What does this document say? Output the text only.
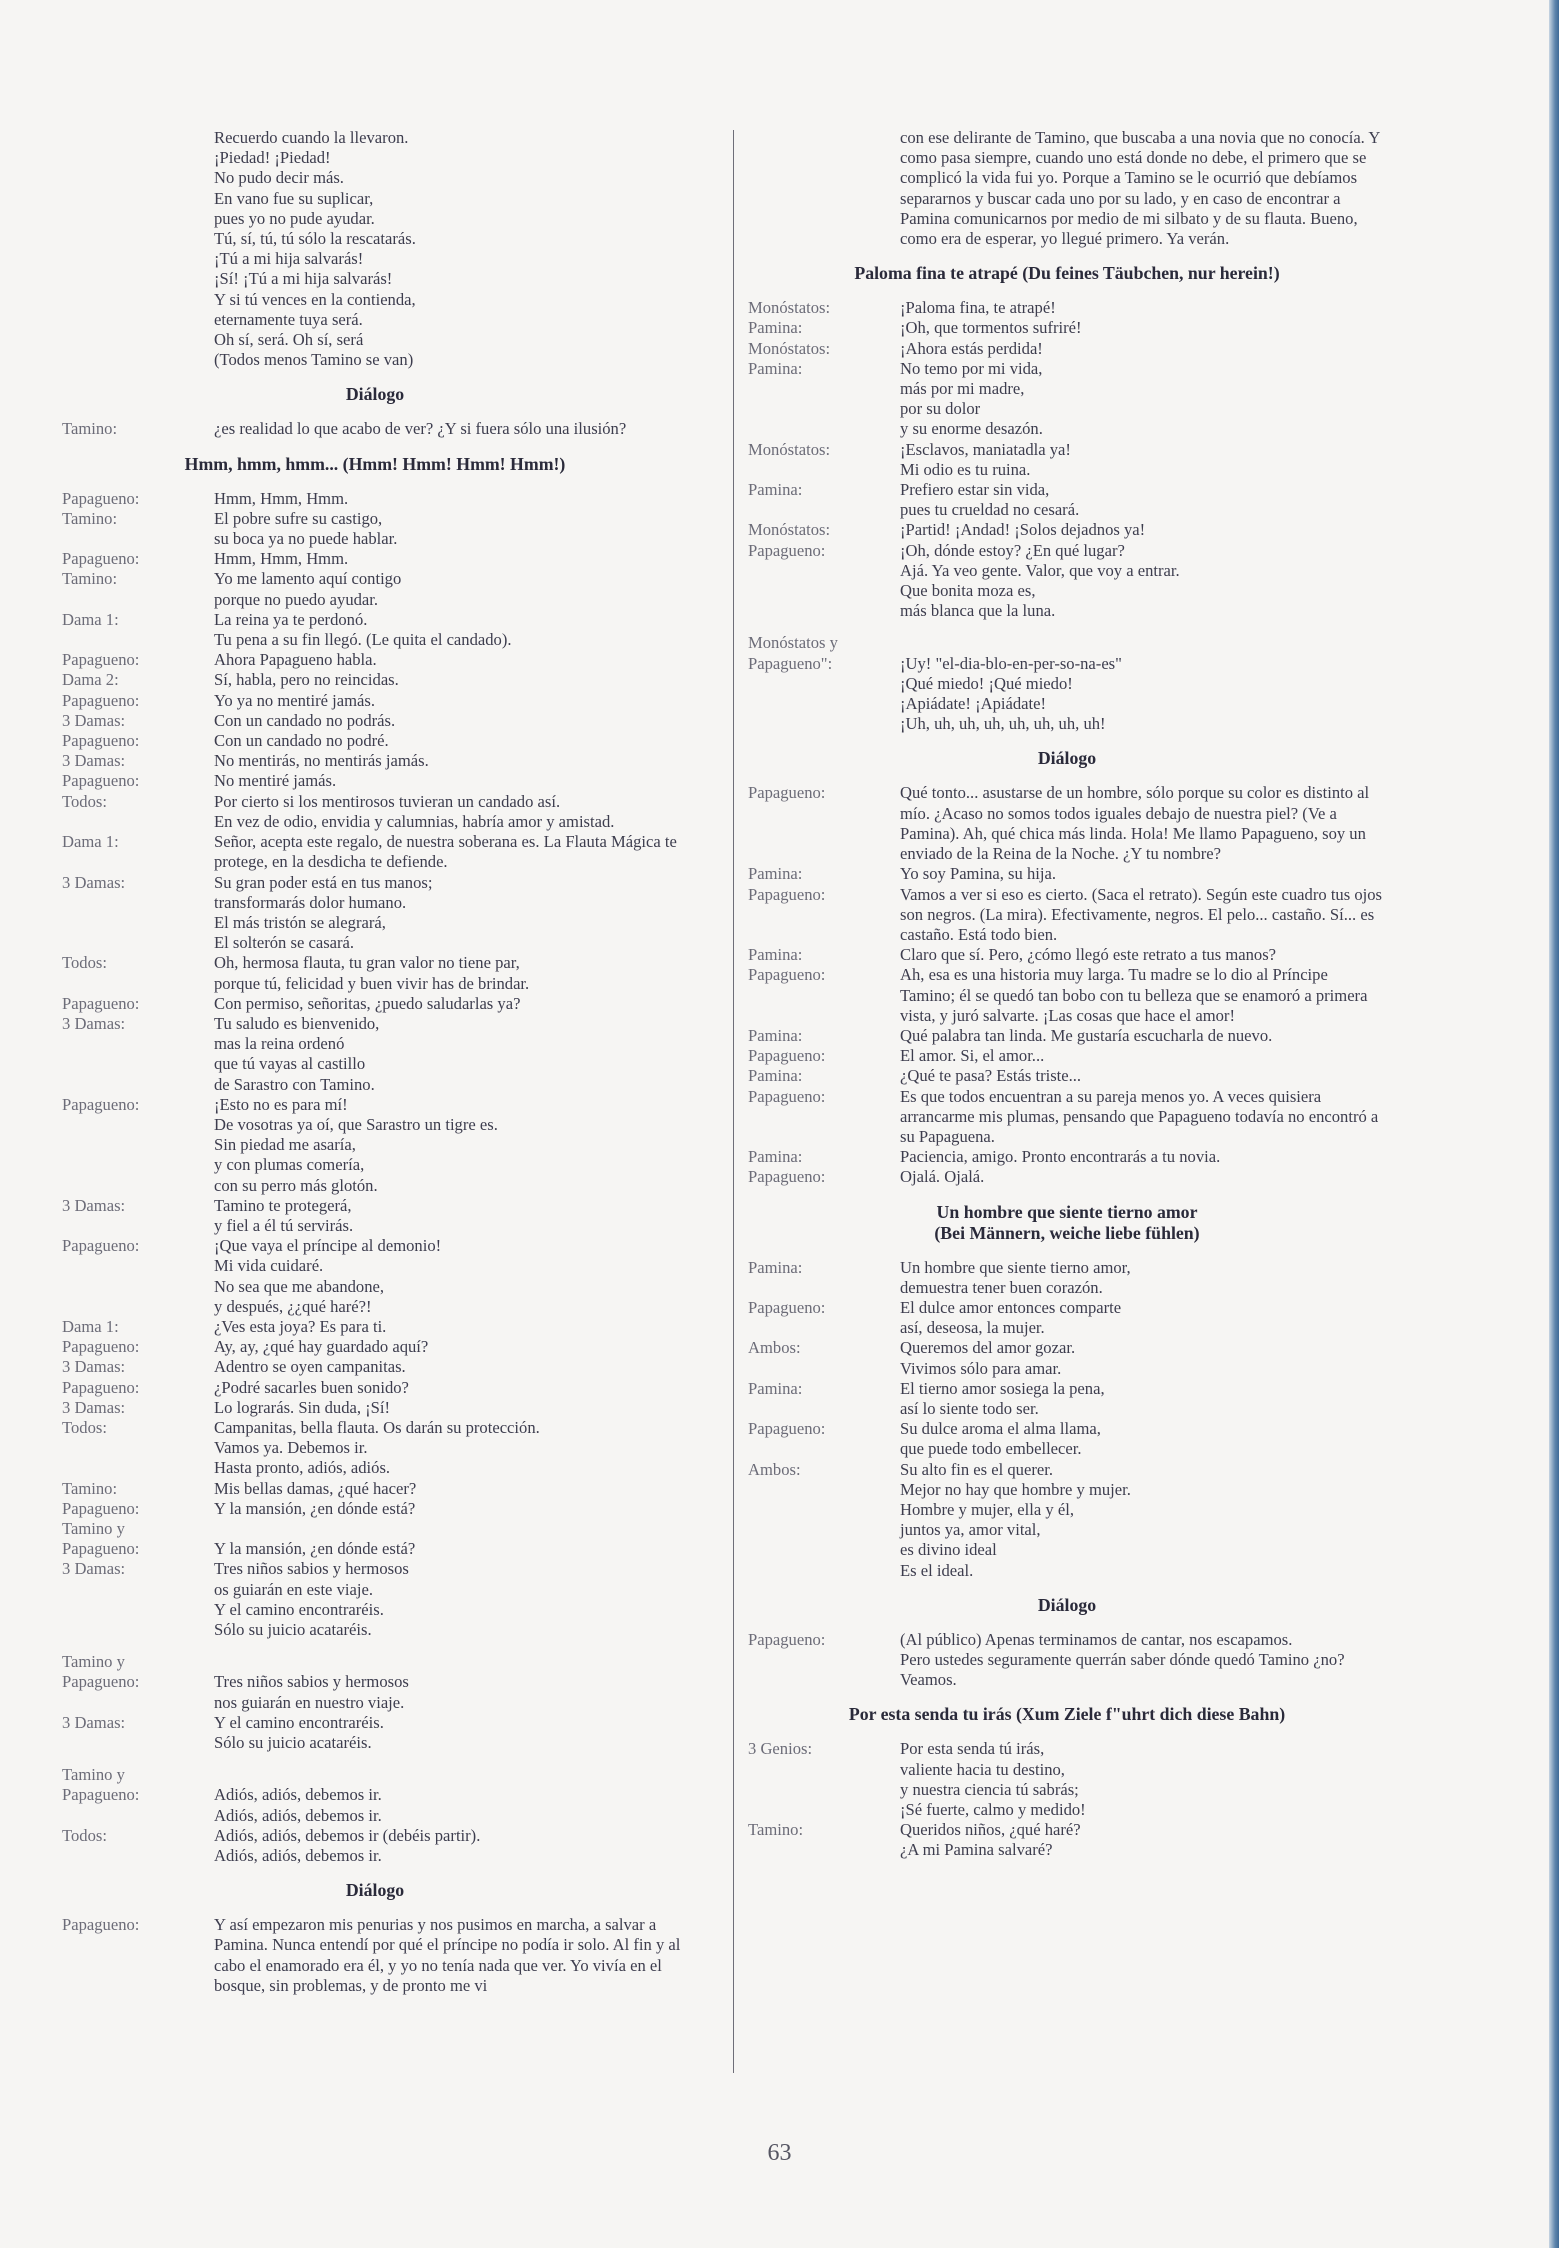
Recuerdo cuando la llevaron.
¡Piedad! ¡Piedad!
No pudo decir más.
En vano fue su suplicar,
pues yo no pude ayudar.
Tú, sí, tú, tú sólo la rescatarás.
¡Tú a mi hija salvarás!
¡Sí! ¡Tú a mi hija salvarás!
Y si tú vences en la contienda,
eternamente tuya será.
Oh sí, será. Oh sí, será
(Todos menos Tamino se van)
Diálogo
Tamino:	¿es realidad lo que acabo de ver? ¿Y si fuera sólo una ilusión?
Hmm, hmm, hmm... (Hmm! Hmm! Hmm! Hmm!)
Papagueno:	Hmm, Hmm, Hmm.
Tamino:	El pobre sufre su castigo,
su boca ya no puede hablar.
Papagueno:	Hmm, Hmm, Hmm.
Tamino:	Yo me lamento aquí contigo
porque no puedo ayudar.
Dama 1:	La reina ya te perdonó.
Tu pena a su fin llegó. (Le quita el candado).
Papagueno:	Ahora Papagueno habla.
Dama 2:	Sí, habla, pero no reincidas.
Papagueno:	Yo ya no mentiré jamás.
3 Damas:	Con un candado no podrás.
Papagueno:	Con un candado no podré.
3 Damas:	No mentirás, no mentirás jamás.
Papagueno:	No mentiré jamás.
Todos:	Por cierto si los mentirosos tuvieran un candado así.
En vez de odio, envidia y calumnias, habría amor y amistad.
Dama 1:	Señor, acepta este regalo, de nuestra soberana es. La Flauta Mágica te protege, en la desdicha te defiende.
3 Damas:	Su gran poder está en tus manos;
transformarás dolor humano.
El más tristón se alegrará,
El solterón se casará.
Todos:	Oh, hermosa flauta, tu gran valor no tiene par,
porque tú, felicidad y buen vivir has de brindar.
Papagueno:	Con permiso, señoritas, ¿puedo saludarlas ya?
3 Damas:	Tu saludo es bienvenido,
mas la reina ordenó
que tú vayas al castillo
de Sarastro con Tamino.
Papagueno:	¡Esto no es para mí!
De vosotras ya oí, que Sarastro un tigre es.
Sin piedad me asaría,
y con plumas comería,
con su perro más glotón.
3 Damas:	Tamino te protegerá,
y fiel a él tú servirás.
Papagueno:	¡Que vaya el príncipe al demonio!
Mi vida cuidaré.
No sea que me abandone,
y después, ¿¿qué haré?!
Dama 1:	¿Ves esta joya? Es para ti.
Papagueno:	Ay, ay, ¿qué hay guardado aquí?
3 Damas:	Adentro se oyen campanitas.
Papagueno:	¿Podré sacarles buen sonido?
3 Damas:	Lo lograrás. Sin duda, ¡Sí!
Todos:	Campanitas, bella flauta. Os darán su protección.
Vamos ya. Debemos ir.
Hasta pronto, adiós, adiós.
Tamino:	Mis bellas damas, ¿qué hacer?
Papagueno:	Y la mansión, ¿en dónde está?
Tamino y
Papagueno:	
Y la mansión, ¿en dónde está?
3 Damas:	Tres niños sabios y hermosos
os guiarán en este viaje.
Y el camino encontraréis.
Sólo su juicio acataréis.
Tamino y
Papagueno:	
Tres niños sabios y hermosos
nos guiarán en nuestro viaje.
3 Damas:	Y el camino encontraréis.
Sólo su juicio acataréis.
Tamino y
Papagueno:	
Adiós, adiós, debemos ir.
Adiós, adiós, debemos ir.
Todos:	Adiós, adiós, debemos ir (debéis partir).
Adiós, adiós, debemos ir.
Diálogo
Papagueno:	Y así empezaron mis penurias y nos pusimos en marcha, a salvar a Pamina. Nunca entendí por qué el príncipe no podía ir solo. Al fin y al cabo el enamorado era él, y yo no tenía nada que ver. Yo vivía en el bosque, sin problemas, y de pronto me vi
con ese delirante de Tamino, que buscaba a una novia que no conocía. Y como pasa siempre, cuando uno está donde no debe, el primero que se complicó la vida fui yo. Porque a Tamino se le ocurrió que debíamos separarnos y buscar cada uno por su lado, y en caso de encontrar a Pamina comunicarnos por medio de mi silbato y de su flauta. Bueno, como era de esperar, yo llegué primero. Ya verán.
Paloma fina te atrapé (Du feines Täubchen, nur herein!)
Monóstatos:	¡Paloma fina, te atrapé!
Pamina:	¡Oh, que tormentos sufriré!
Monóstatos:	¡Ahora estás perdida!
Pamina:	No temo por mi vida,
más por mi madre,
por su dolor
y su enorme desazón.
Monóstatos:	¡Esclavos, maniatadla ya!
Mi odio es tu ruina.
Pamina:	Prefiero estar sin vida,
pues tu crueldad no cesará.
Monóstatos:	¡Partid! ¡Andad! ¡Solos dejadnos ya!
Papagueno:	¡Oh, dónde estoy? ¿En qué lugar?
Ajá. Ya veo gente. Valor, que voy a entrar.
Que bonita moza es,
más blanca que la luna.
Monóstatos y
Papagueno":	
¡Uy! "el-dia-blo-en-per-so-na-es"
¡Qué miedo! ¡Qué miedo!
¡Apiádate! ¡Apiádate!
¡Uh, uh, uh, uh, uh, uh, uh, uh!
Diálogo
Papagueno:	Qué tonto... asustarse de un hombre, sólo porque su color es distinto al mío. ¿Acaso no somos todos iguales debajo de nuestra piel? (Ve a Pamina). Ah, qué chica más linda. Hola! Me llamo Papagueno, soy un enviado de la Reina de la Noche. ¿Y tu nombre?
Pamina:	Yo soy Pamina, su hija.
Papagueno:	Vamos a ver si eso es cierto. (Saca el retrato). Según este cuadro tus ojos son negros. (La mira). Efectivamente, negros. El pelo... castaño. Sí... es castaño. Está todo bien.
Pamina:	Claro que sí. Pero, ¿cómo llegó este retrato a tus manos?
Papagueno:	Ah, esa es una historia muy larga. Tu madre se lo dio al Príncipe Tamino; él se quedó tan bobo con tu belleza que se enamoró a primera vista, y juró salvarte. ¡Las cosas que hace el amor!
Pamina:	Qué palabra tan linda. Me gustaría escucharla de nuevo.
Papagueno:	El amor. Si, el amor...
Pamina:	¿Qué te pasa? Estás triste...
Papagueno:	Es que todos encuentran a su pareja menos yo. A veces quisiera arrancarme mis plumas, pensando que Papagueno todavía no encontró a su Papaguena.
Pamina:	Paciencia, amigo. Pronto encontrarás a tu novia.
Papagueno:	Ojalá. Ojalá.
Un hombre que siente tierno amor
(Bei Männern, weiche liebe fühlen)
Pamina:	Un hombre que siente tierno amor,
demuestra tener buen corazón.
Papagueno:	El dulce amor entonces comparte
así, deseosa, la mujer.
Ambos:	Queremos del amor gozar.
Vivimos sólo para amar.
Pamina:	El tierno amor sosiega la pena,
así lo siente todo ser.
Papagueno:	Su dulce aroma el alma llama,
que puede todo embellecer.
Ambos:	Su alto fin es el querer.
Mejor no hay que hombre y mujer.
Hombre y mujer, ella y él,
juntos ya, amor vital,
es divino ideal
Es el ideal.
Diálogo
Papagueno:	(Al público) Apenas terminamos de cantar, nos escapamos.
Pero ustedes seguramente querrán saber dónde quedó Tamino ¿no?
Veamos.
Por esta senda tu irás (Xum Ziele f"uhrt dich diese Bahn)
3 Genios:	Por esta senda tú irás,
valiente hacia tu destino,
y nuestra ciencia tú sabrás;
¡Sé fuerte, calmo y medido!
Tamino:	Queridos niños, ¿qué haré?
¿A mi Pamina salvaré?
63
